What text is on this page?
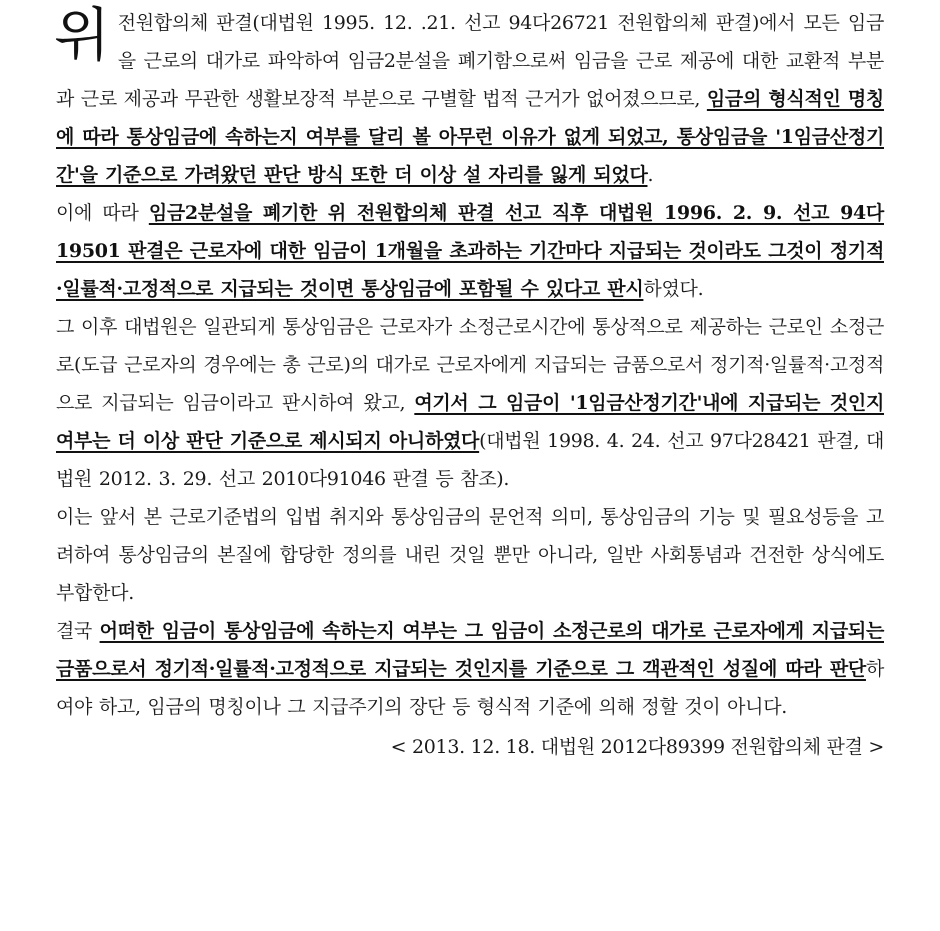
위전원합의체 판결(대법원 1995. 12. .21. 선고 94다26721 전원합의체 판결)에서 모든 임금을 근로의 대가로 파악하여 임금2분설을 폐기함으로써 임금을 근로 제공에 대한 교환적 부분과 근로 제공과 무관한 생활보장적 부분으로 구별할 법적 근거가 없어졌으므로, 임금의 형식적인 명칭에 따라 통상임금에 속하는지 여부를 달리 볼 아무런 이유가 없게 되었고, 통상임금을 '1임금산정기간'을 기준으로 가려왔던 판단 방식 또한 더 이상 설 자리를 잃게 되었다.

이에 따라 임금2분설을 폐기한 위 전원합의체 판결 선고 직후 대법원 1996. 2. 9. 선고 94다19501 판결은 근로자에 대한 임금이 1개월을 초과하는 기간마다 지급되는 것이라도 그것이 정기적·일률적·고정적으로 지급되는 것이면 통상임금에 포함될 수 있다고 판시하였다.

그 이후 대법원은 일관되게 통상임금은 근로자가 소정근로시간에 통상적으로 제공하는 근로인 소정근로(도급 근로자의 경우에는 총 근로)의 대가로 근로자에게 지급되는 금품으로서 정기적·일률적·고정적으로 지급되는 임금이라고 판시하여 왔고, 여기서 그 임금이 '1임금산정기간'내에 지급되는 것인지 여부는 더 이상 판단 기준으로 제시되지 아니하였다(대법원 1998. 4. 24. 선고 97다28421 판결, 대법원 2012. 3. 29. 선고 2010다91046 판결 등 참조).

이는 앞서 본 근로기준법의 입법 취지와 통상임금의 문언적 의미, 통상임금의 기능 및 필요성등을 고려하여 통상임금의 본질에 합당한 정의를 내린 것일 뿐만 아니라, 일반 사회통념과 건전한 상식에도 부합한다.

결국 어떠한 임금이 통상임금에 속하는지 여부는 그 임금이 소정근로의 대가로 근로자에게 지급되는 금품으로서 정기적·일률적·고정적으로 지급되는 것인지를 기준으로 그 객관적인 성질에 따라 판단하여야 하고, 임금의 명칭이나 그 지급주기의 장단 등 형식적 기준에 의해 정할 것이 아니다.

< 2013. 12. 18. 대법원 2012다89399 전원합의체 판결 >
